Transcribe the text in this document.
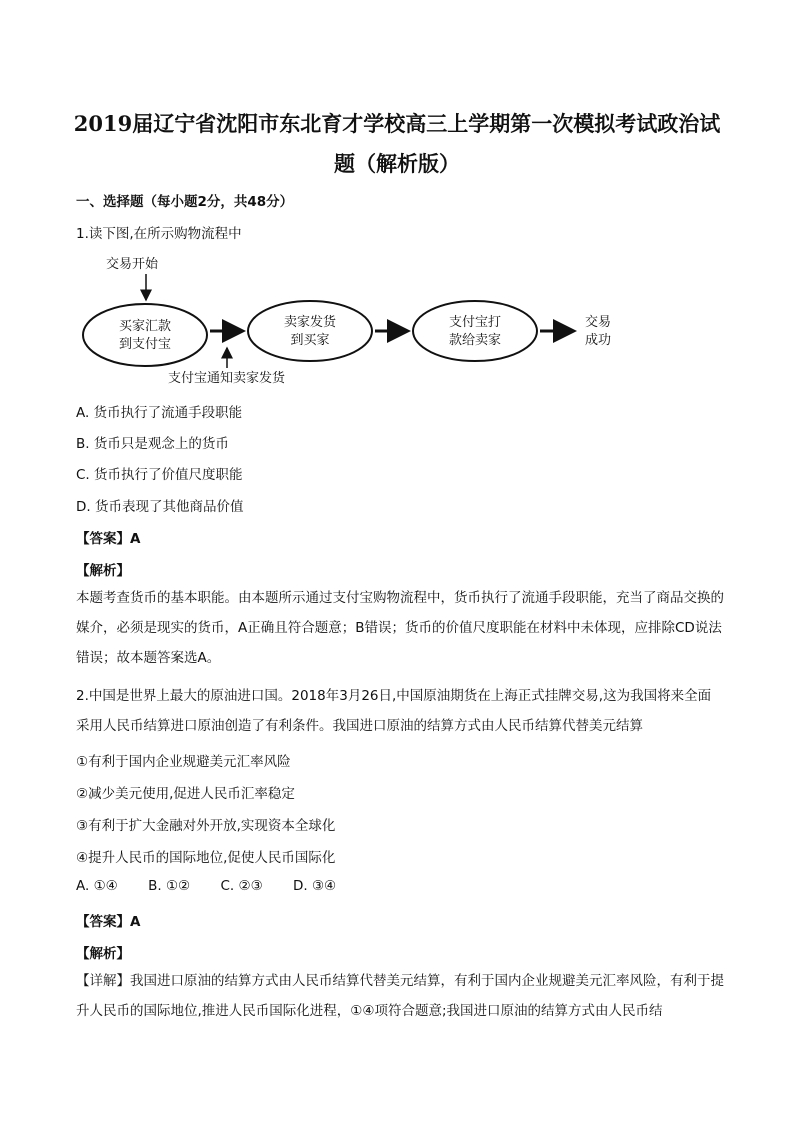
2019届辽宁省沈阳市东北育才学校高三上学期第一次模拟考试政治试
题（解析版）
一、选择题（每小题2分，共48分）
1.读下图,在所示购物流程中
交易开始
买家汇款
到支付宝
支付宝通知卖家发货
卖家发货
到买家
支付宝打
款给卖家
交易
成功
A. 货币执行了流通手段职能
B. 货币只是观念上的货币
C. 货币执行了价值尺度职能
D. 货币表现了其他商品价值
【答案】A
【解析】
本题考查货币的基本职能。由本题所示通过支付宝购物流程中，货币执行了流通手段职能，充当了商品交换的媒介，必须是现实的货币，A正确且符合题意；B错误；货币的价值尺度职能在材料中未体现，应排除CD说法错误；故本题答案选A。
2.中国是世界上最大的原油进口国。2018年3月26日,中国原油期货在上海正式挂牌交易,这为我国将来全面采用人民币结算进口原油创造了有利条件。我国进口原油的结算方式由人民币结算代替美元结算
①有利于国内企业规避美元汇率风险
②减少美元使用,促进人民币汇率稳定
③有利于扩大金融对外开放,实现资本全球化
④提升人民币的国际地位,促使人民币国际化
A. ①④ B. ①② C. ②③ D. ③④
【答案】A
【解析】
【详解】我国进口原油的结算方式由人民币结算代替美元结算，有利于国内企业规避美元汇率风险，有利于提升人民币的国际地位,推进人民币国际化进程，①④项符合题意;我国进口原油的结算方式由人民币结
